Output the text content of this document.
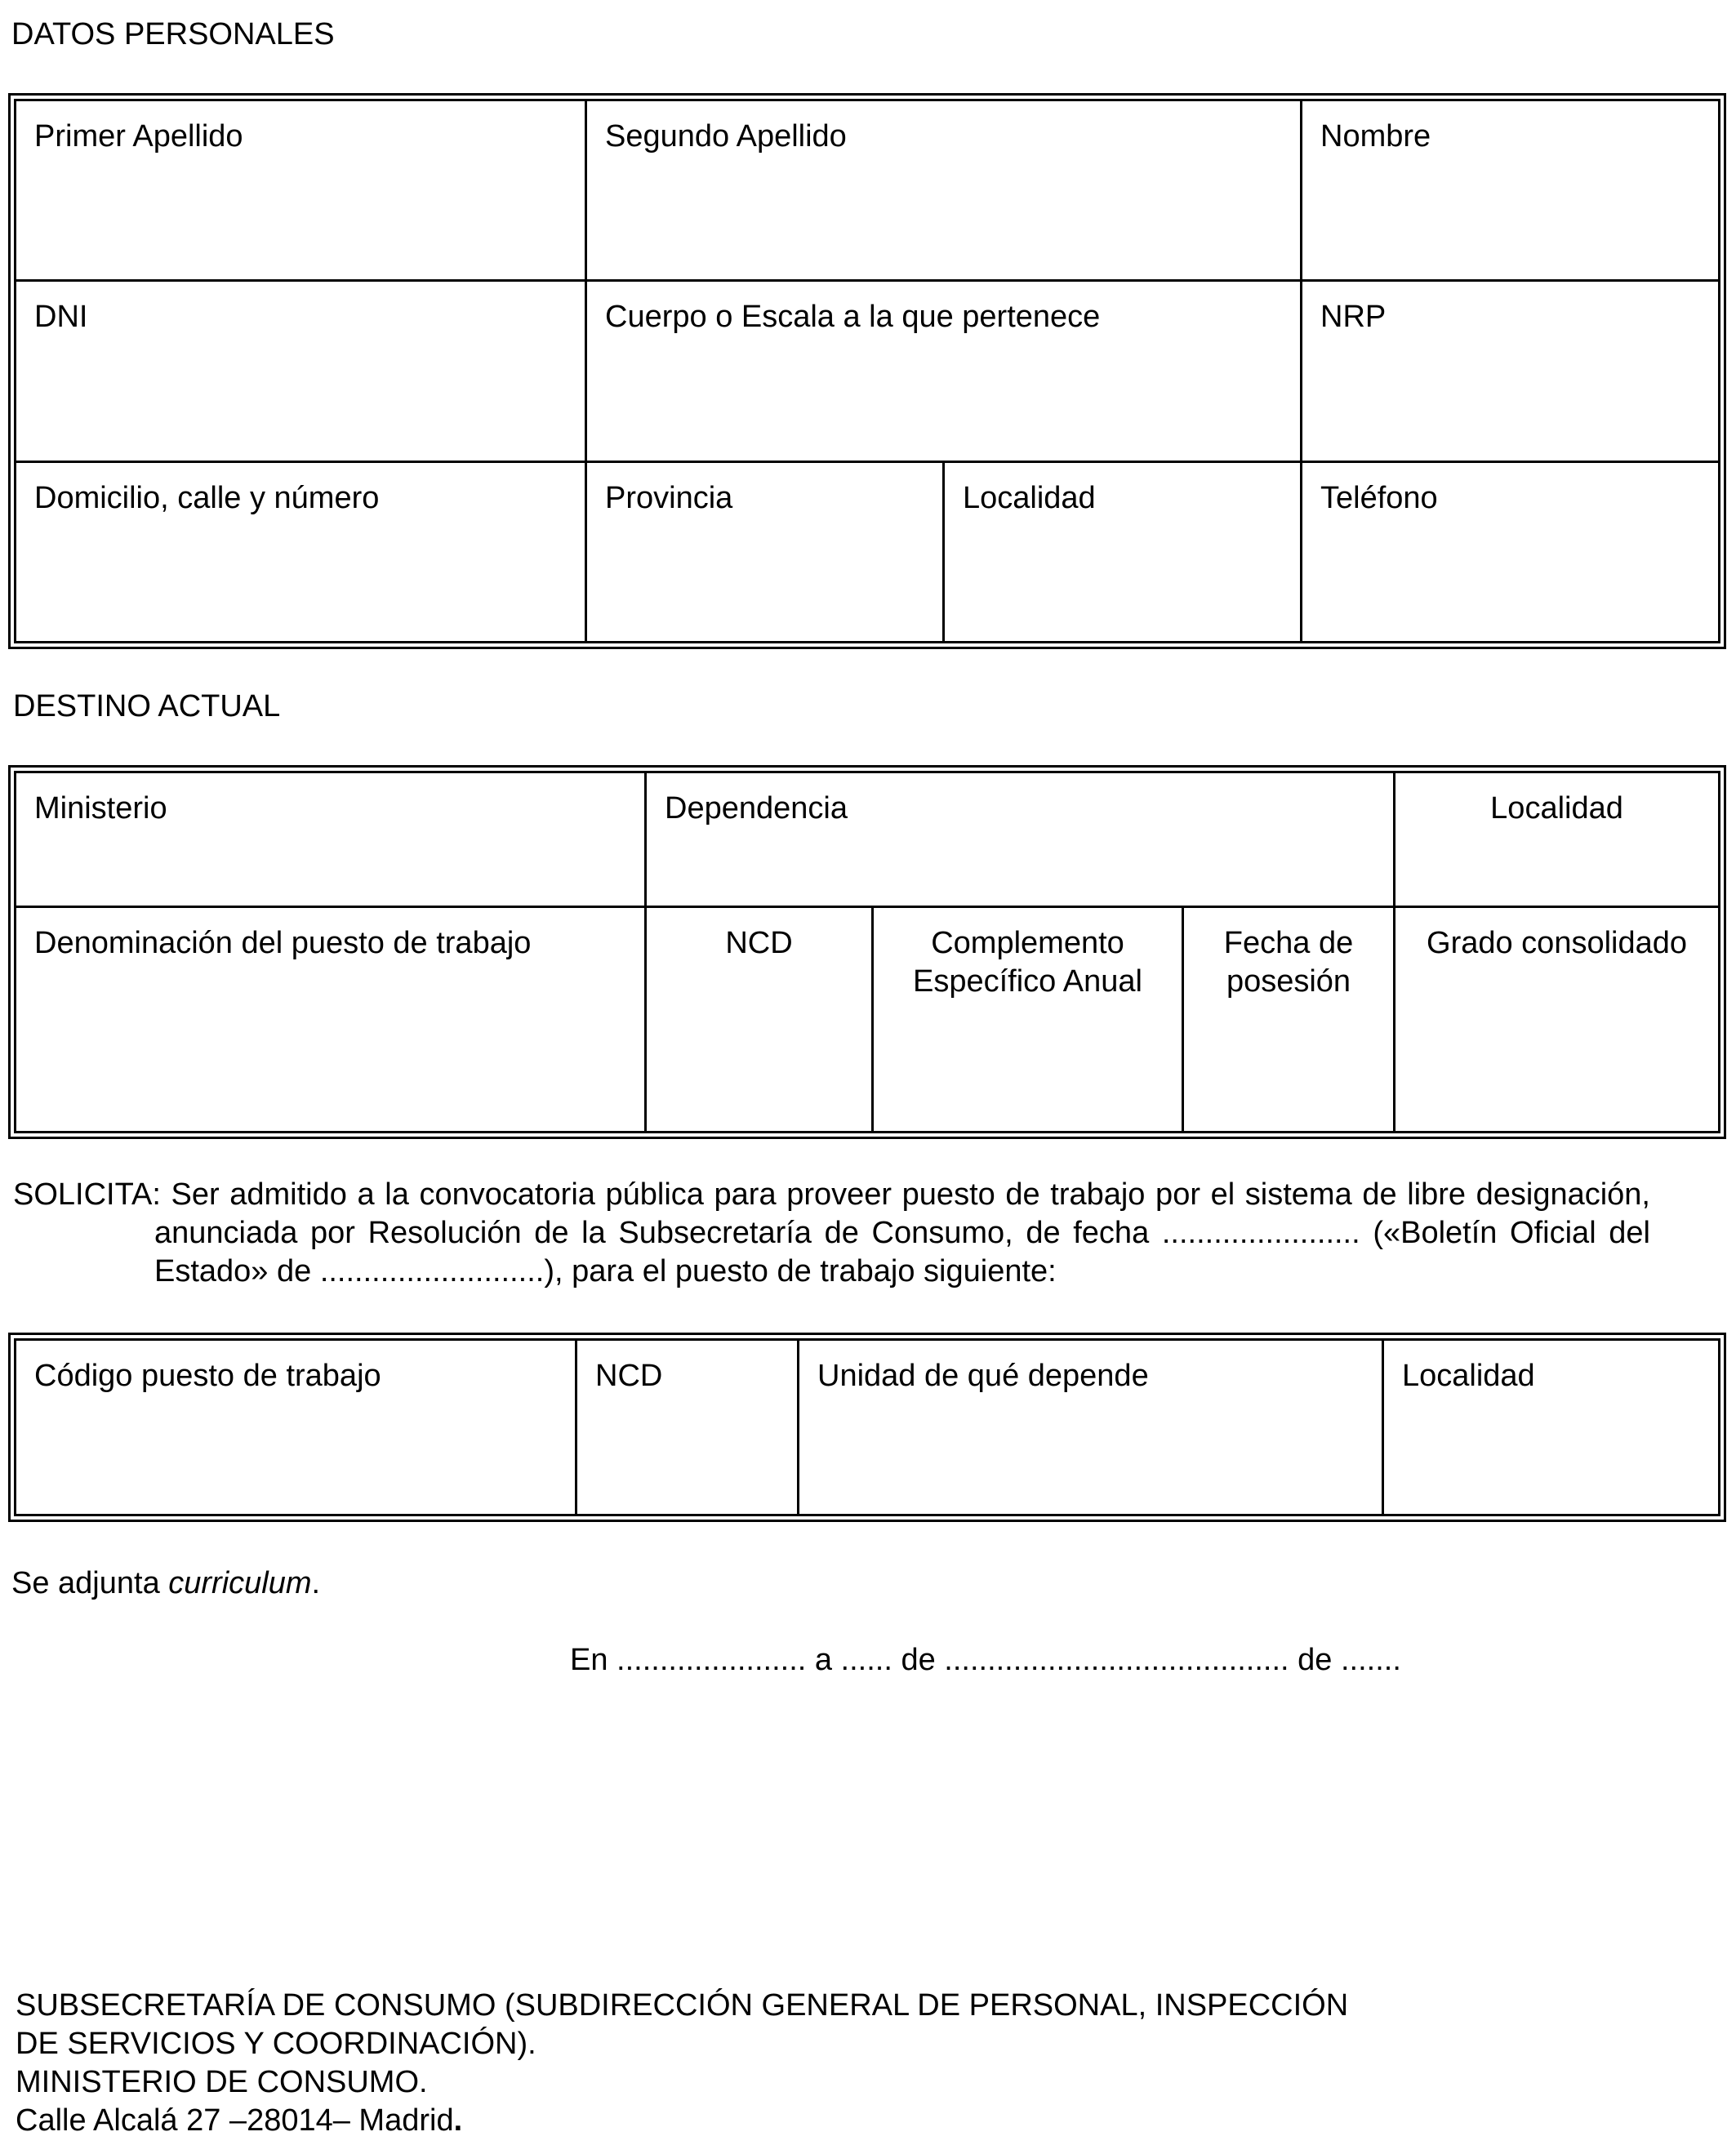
DATOS PERSONALES
Primer Apellido	Segundo Apellido		Nombre
DNI	Cuerpo o Escala a la que pertenece		NRP
Domicilio, calle y número	Provincia	Localidad	Teléfono
DESTINO ACTUAL
Ministerio	Dependencia			Localidad
Denominación del puesto de trabajo	NCD	Complemento Específico Anual	Fecha de posesión	Grado consolidado
SOLICITA: Ser admitido a la convocatoria pública para proveer puesto de trabajo por el sistema de libre designación, anunciada por Resolución de la Subsecretaría de Consumo, de fecha ....................... («Boletín Oficial del Estado» de ..........................), para el puesto de trabajo siguiente:
Código puesto de trabajo	NCD	Unidad de qué depende	Localidad
Se adjunta curriculum.
En ...................... a ...... de ........................................ de .......
SUBSECRETARÍA DE CONSUMO (SUBDIRECCIÓN GENERAL DE PERSONAL, INSPECCIÓN
DE SERVICIOS Y COORDINACIÓN).
MINISTERIO DE CONSUMO.
Calle Alcalá 27 –28014– Madrid.
